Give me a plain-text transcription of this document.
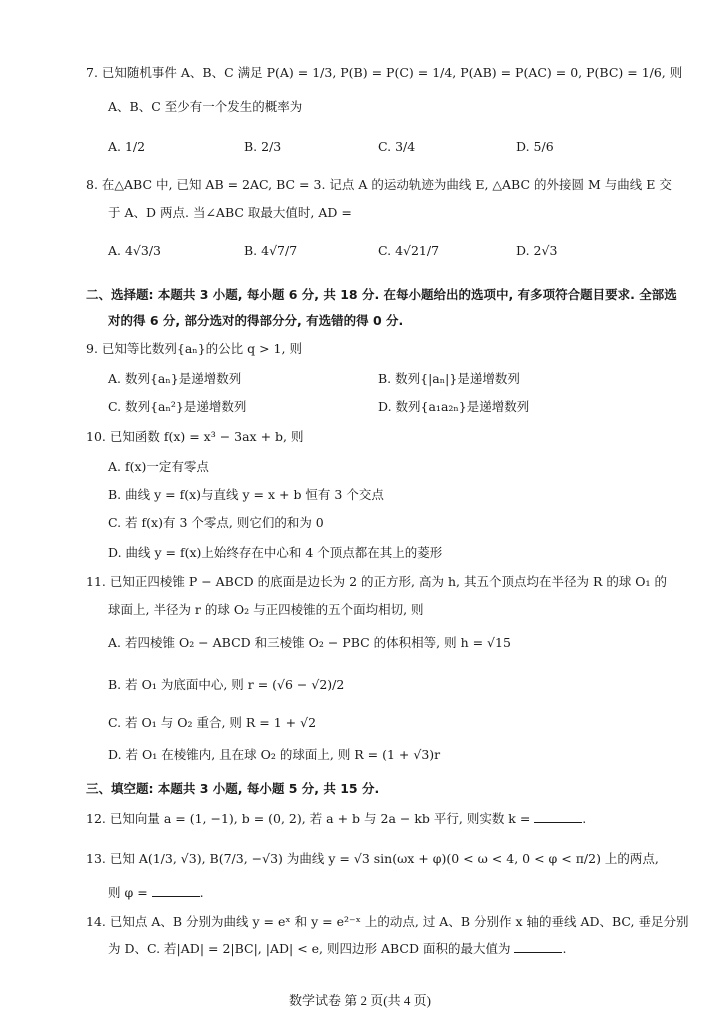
7. 已知随机事件 A、B、C 满足 P(A) = 1/3, P(B) = P(C) = 1/4, P(AB) = P(AC) = 0, P(BC) = 1/6, 则
A、B、C 至少有一个发生的概率为
A. 1/2	B. 2/3	C. 3/4	D. 5/6
8. 在△ABC 中, 已知 AB = 2AC, BC = 3. 记点 A 的运动轨迹为曲线 E, △ABC 的外接圆 M 与曲线 E 交
于 A、D 两点. 当∠ABC 取最大值时, AD =
A. 4√3/3	B. 4√7/7	C. 4√21/7	D. 2√3
二、选择题: 本题共 3 小题, 每小题 6 分, 共 18 分. 在每小题给出的选项中, 有多项符合题目要求. 全部选
对的得 6 分, 部分选对的得部分分, 有选错的得 0 分.
9. 已知等比数列{aₙ}的公比 q > 1, 则
A. 数列{aₙ}是递增数列	B. 数列{|aₙ|}是递增数列
C. 数列{aₙ²}是递增数列	D. 数列{a₁a₂ₙ}是递增数列
10. 已知函数 f(x) = x³ − 3ax + b, 则
A. f(x)一定有零点
B. 曲线 y = f(x)与直线 y = x + b 恒有 3 个交点
C. 若 f(x)有 3 个零点, 则它们的和为 0
D. 曲线 y = f(x)上始终存在中心和 4 个顶点都在其上的菱形
11. 已知正四棱锥 P − ABCD 的底面是边长为 2 的正方形, 高为 h, 其五个顶点均在半径为 R 的球 O₁ 的
球面上, 半径为 r 的球 O₂ 与正四棱锥的五个面均相切, 则
A. 若四棱锥 O₂ − ABCD 和三棱锥 O₂ − PBC 的体积相等, 则 h = √15
B. 若 O₁ 为底面中心, 则 r = (√6 − √2)/2
C. 若 O₁ 与 O₂ 重合, 则 R = 1 + √2
D. 若 O₁ 在棱锥内, 且在球 O₂ 的球面上, 则 R = (1 + √3)r
三、填空题: 本题共 3 小题, 每小题 5 分, 共 15 分.
12. 已知向量 a = (1, −1), b = (0, 2), 若 a + b 与 2a − kb 平行, 则实数 k =	.
13. 已知 A(1/3, √3), B(7/3, −√3) 为曲线 y = √3 sin(ωx + φ)(0 < ω < 4, 0 < φ < π/2) 上的两点,
则 φ =	.
14. 已知点 A、B 分别为曲线 y = eˣ 和 y = e²⁻ˣ 上的动点, 过 A、B 分别作 x 轴的垂线 AD、BC, 垂足分别
为 D、C. 若|AD| = 2|BC|, |AD| < e, 则四边形 ABCD 面积的最大值为	.
数学试卷 第 2 页(共 4 页)
